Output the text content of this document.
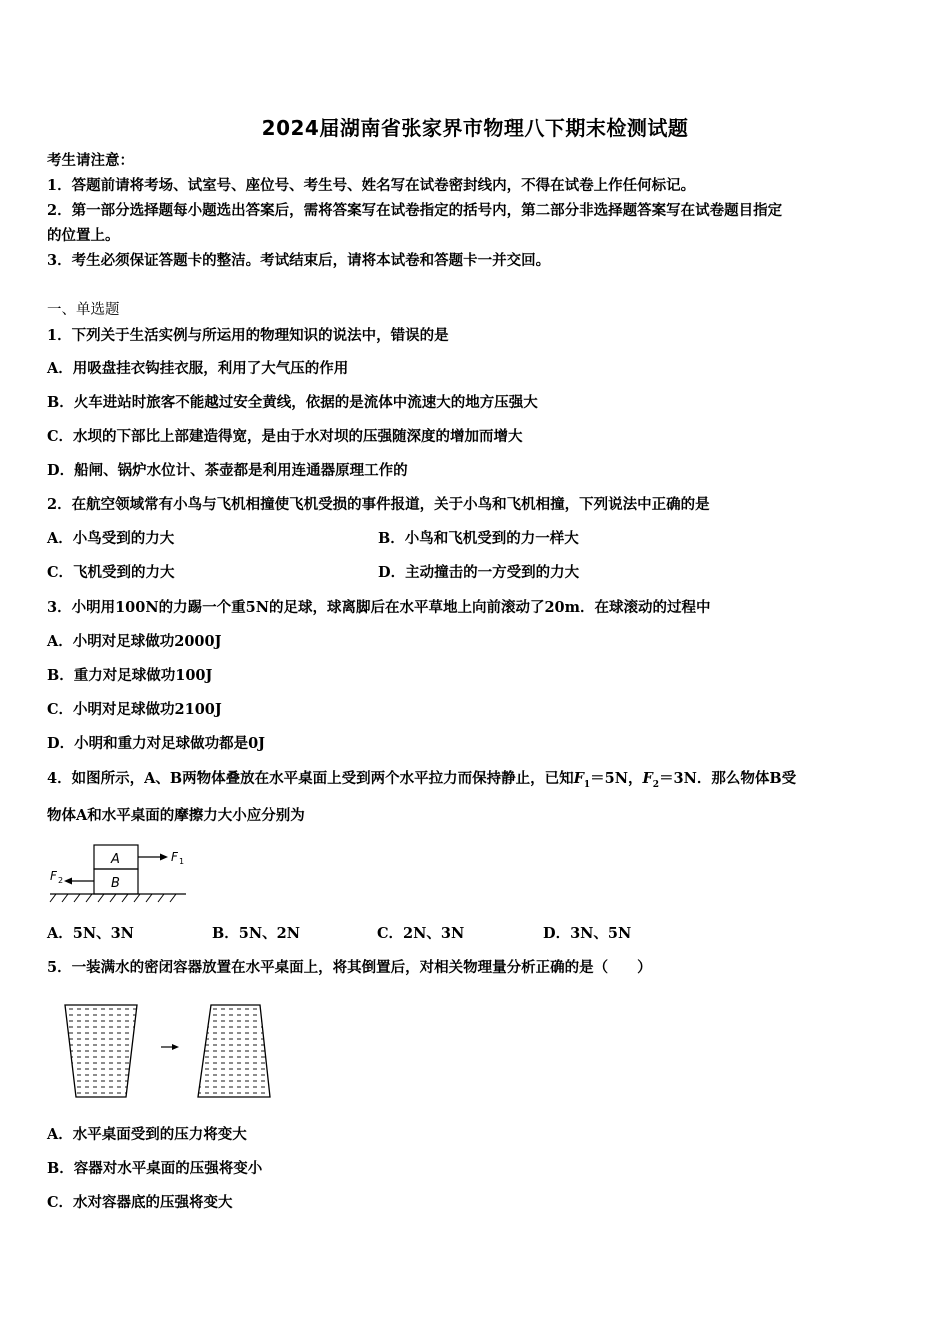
2024届湖南省张家界市物理八下期末检测试题
考生请注意：
1．答题前请将考场、试室号、座位号、考生号、姓名写在试卷密封线内，不得在试卷上作任何标记。
2．第一部分选择题每小题选出答案后，需将答案写在试卷指定的括号内，第二部分非选择题答案写在试卷题目指定
的位置上。
3．考生必须保证答题卡的整洁。考试结束后，请将本试卷和答题卡一并交回。
一、单选题
1．下列关于生活实例与所运用的物理知识的说法中，错误的是
A．用吸盘挂衣钩挂衣服，利用了大气压的作用
B．火车进站时旅客不能越过安全黄线，依据的是流体中流速大的地方压强大
C．水坝的下部比上部建造得宽，是由于水对坝的压强随深度的增加而增大
D．船闸、锅炉水位计、茶壶都是利用连通器原理工作的
2．在航空领域常有小鸟与飞机相撞使飞机受损的事件报道，关于小鸟和飞机相撞，下列说法中正确的是
A．小鸟受到的力大	B．小鸟和飞机受到的力一样大
C．飞机受到的力大	D．主动撞击的一方受到的力大
3．小明用100N的力踢一个重5N的足球，球离脚后在水平草地上向前滚动了20m．在球滚动的过程中
A．小明对足球做功2000J
B．重力对足球做功100J
C．小明对足球做功2100J
D．小明和重力对足球做功都是0J
4．如图所示，A、B两物体叠放在水平桌面上受到两个水平拉力而保持静止，已知$F_1=5N$，$F_2=3N$．那么物体B受
物体A和水平桌面的摩擦力大小应分别为
A
B
F 1
F 2
A．5N、3N	B．5N、2N	C．2N、3N	D．3N、5N
5．一装满水的密闭容器放置在水平桌面上，将其倒置后，对相关物理量分析正确的是（　　）
A．水平桌面受到的压力将变大
B．容器对水平桌面的压强将变小
C．水对容器底的压强将变大
